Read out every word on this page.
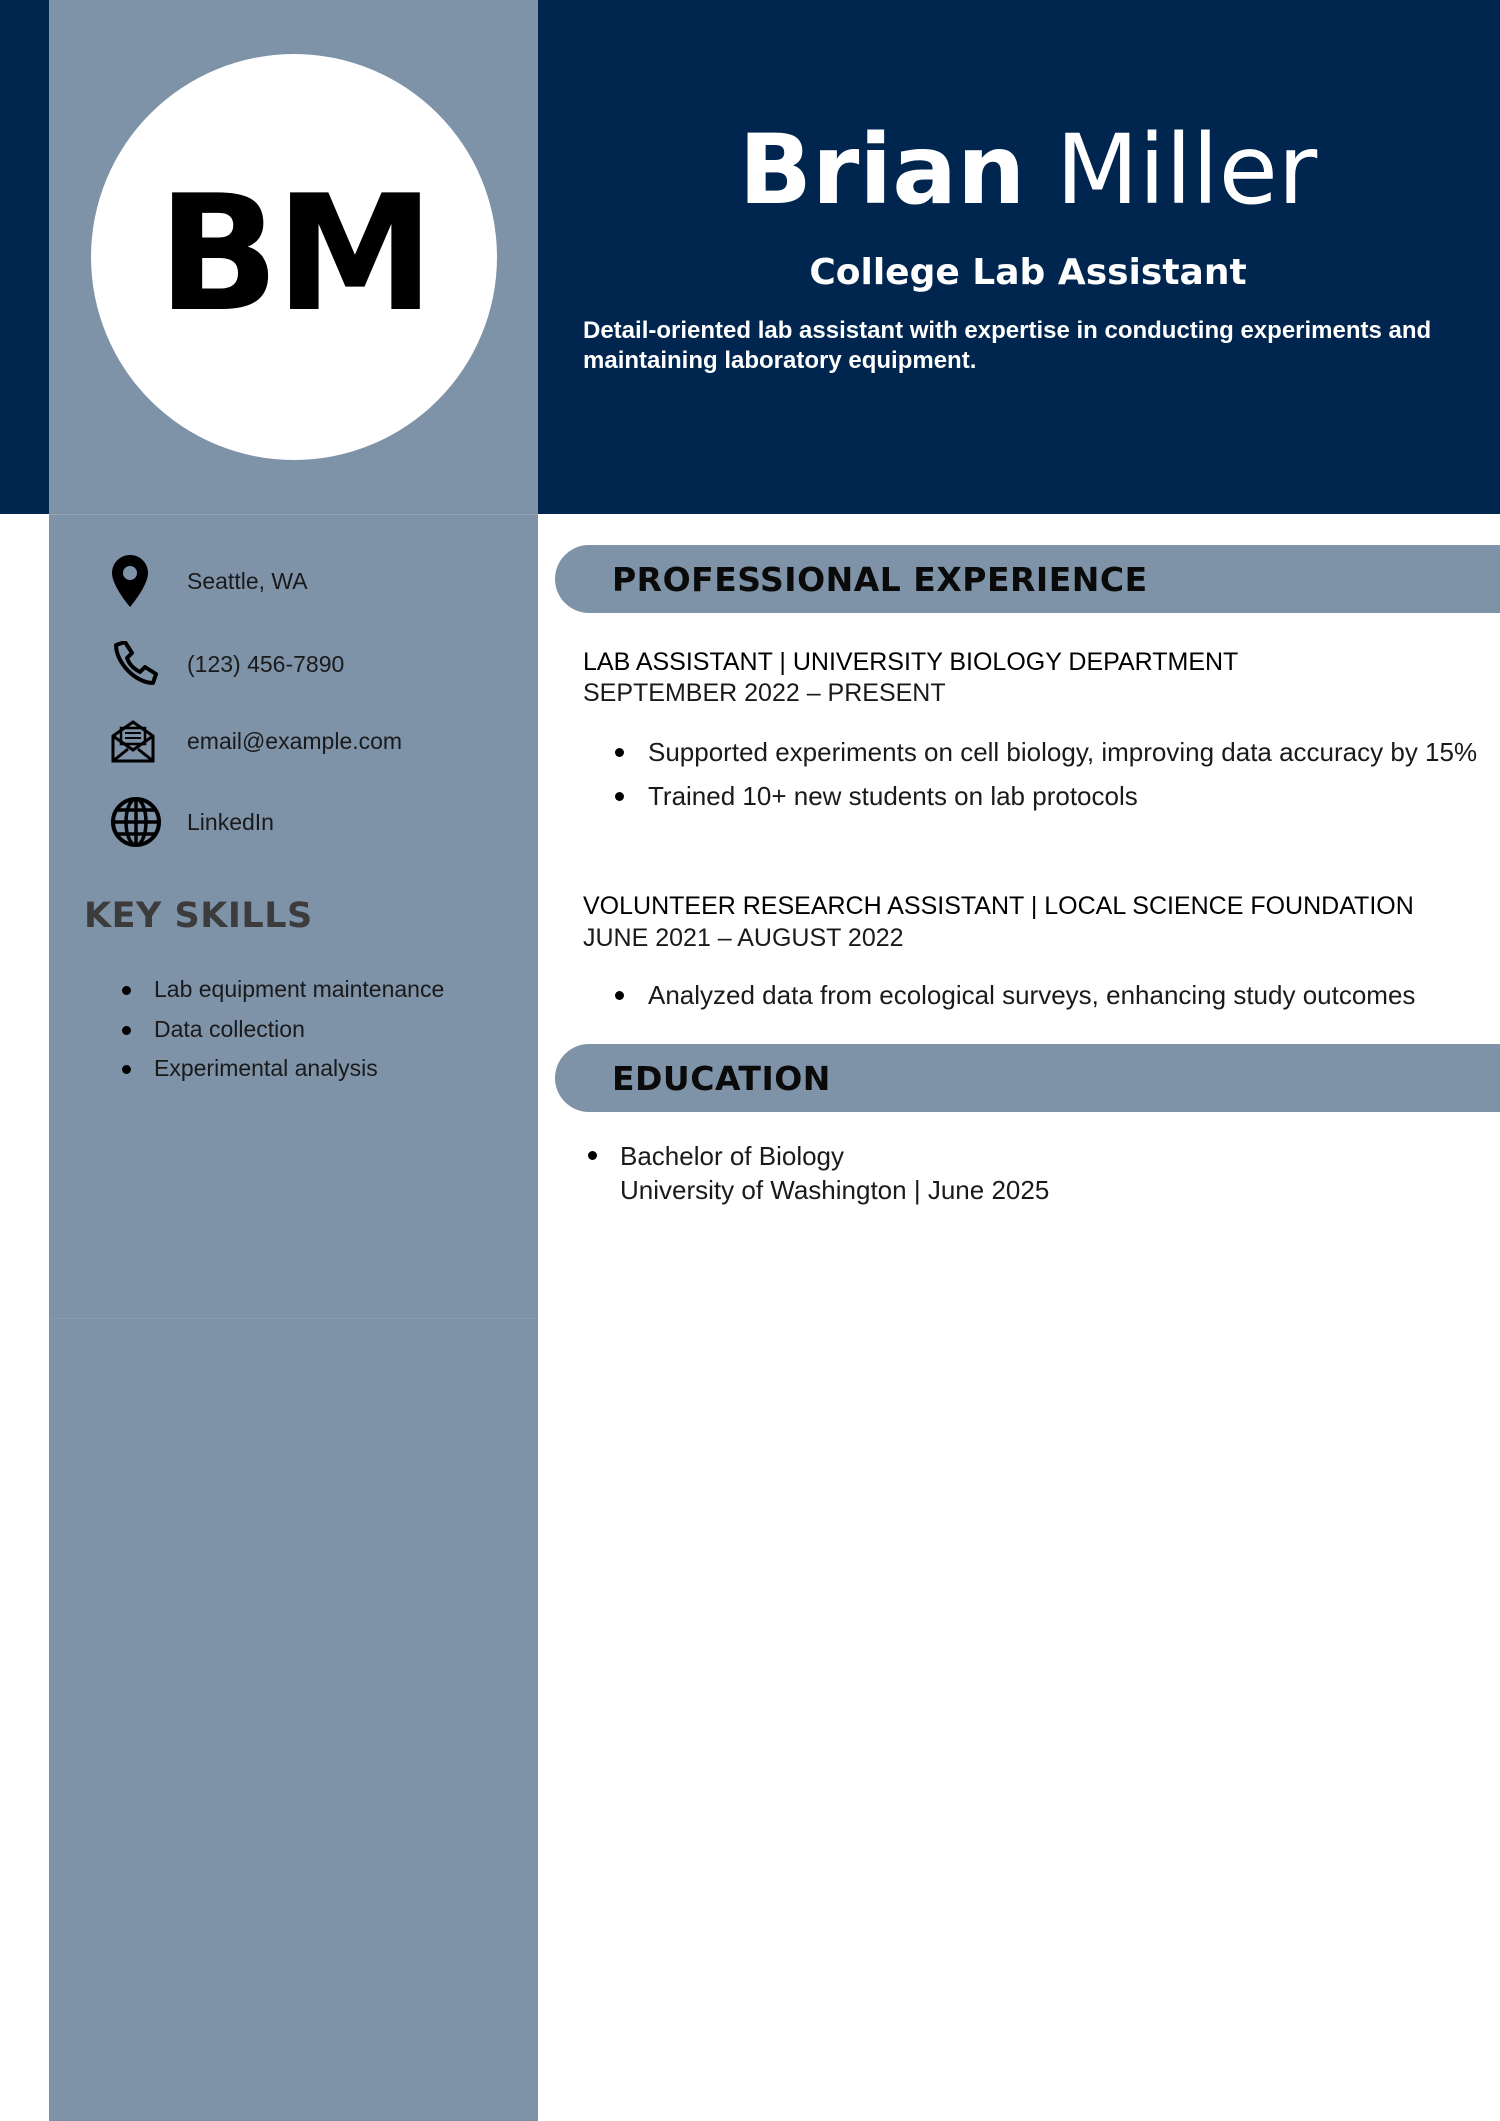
BM	Brian Miller
College Lab Assistant
Detail-oriented lab assistant with expertise in conducting experiments and maintaining laboratory equipment.
Seattle, WA
(123) 456-7890
email@example.com
LinkedIn
KEY SKILLS
Lab equipment maintenance
Data collection
Experimental analysis
PROFESSIONAL EXPERIENCE
LAB ASSISTANT | UNIVERSITY BIOLOGY DEPARTMENT
SEPTEMBER 2022 – PRESENT
Supported experiments on cell biology, improving data accuracy by 15%
Trained 10+ new students on lab protocols
VOLUNTEER RESEARCH ASSISTANT | LOCAL SCIENCE FOUNDATION
JUNE 2021 – AUGUST 2022
Analyzed data from ecological surveys, enhancing study outcomes
EDUCATION
Bachelor of Biology
University of Washington | June 2025
